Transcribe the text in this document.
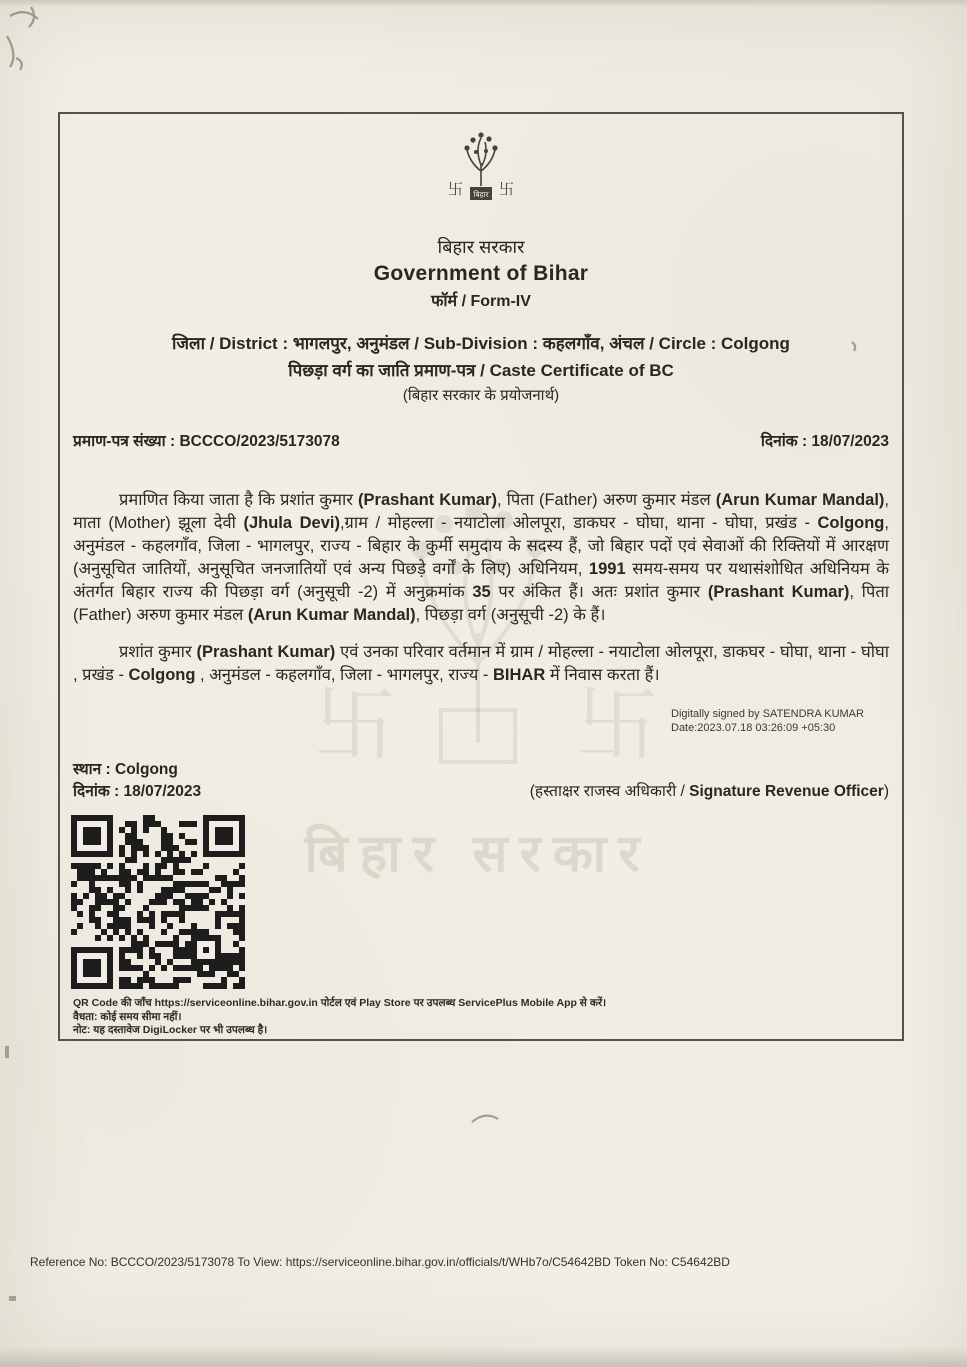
卐 卐
बिहार सरकार
卐 卐
बिहार
बिहार सरकार
Government of Bihar
फॉर्म / Form-IV
जिला / District : भागलपुर, अनुमंडल / Sub-Division : कहलगाँव, अंचल / Circle : Colgong
पिछड़ा वर्ग का जाति प्रमाण-पत्र / Caste Certificate of BC
(बिहार सरकार के प्रयोजनार्थ)
प्रमाण-पत्र संख्या : BCCCO/2023/5173078	दिनांक : 18/07/2023

प्रमाणित किया जाता है कि प्रशांत कुमार (Prashant Kumar), पिता (Father) अरुण कुमार मंडल (Arun Kumar Mandal), माता (Mother) झूला देवी (Jhula Devi),ग्राम / मोहल्ला - नयाटोला ओलपूरा, डाकघर - घोघा, थाना - घोघा, प्रखंड - Colgong, अनुमंडल - कहलगाँव, जिला - भागलपुर, राज्य - बिहार के कुर्मी समुदाय के सदस्य हैं, जो बिहार पदों एवं सेवाओं की रिक्तियों में आरक्षण (अनुसूचित जातियों, अनुसूचित जनजातियों एवं अन्य पिछड़े वर्गों के लिए) अधिनियम, 1991 समय-समय पर यथासंशोधित अधिनियम के अंतर्गत बिहार राज्य की पिछड़ा वर्ग (अनुसूची -2) में अनुक्रमांक 35 पर अंकित हैं। अतः प्रशांत कुमार (Prashant Kumar), पिता (Father) अरुण कुमार मंडल (Arun Kumar Mandal), पिछड़ा वर्ग (अनुसूची -2) के हैं।

प्रशांत कुमार (Prashant Kumar) एवं उनका परिवार वर्तमान में ग्राम / मोहल्ला - नयाटोला ओलपूरा, डाकघर - घोघा, थाना - घोघा , प्रखंड - Colgong , अनुमंडल - कहलगाँव, जिला - भागलपुर, राज्य - BIHAR में निवास करता हैं।

Digitally signed by SATENDRA KUMAR
Date:2023.07.18 03:26:09 +05:30
स्थान : Colgong
दिनांक : 18/07/2023	(हस्ताक्षर राजस्व अधिकारी / Signature Revenue Officer)
QR Code की जाँच https://serviceonline.bihar.gov.in पोर्टल एवं Play Store पर उपलब्ध ServicePlus Mobile App से करें।
वैधता: कोई समय सीमा नहीं।
नोट: यह दस्तावेज DigiLocker पर भी उपलब्ध है।
Reference No: BCCCO/2023/5173078 To View: https://serviceonline.bihar.gov.in/officials/t/WHb7o/C54642BD Token No: C54642BD
